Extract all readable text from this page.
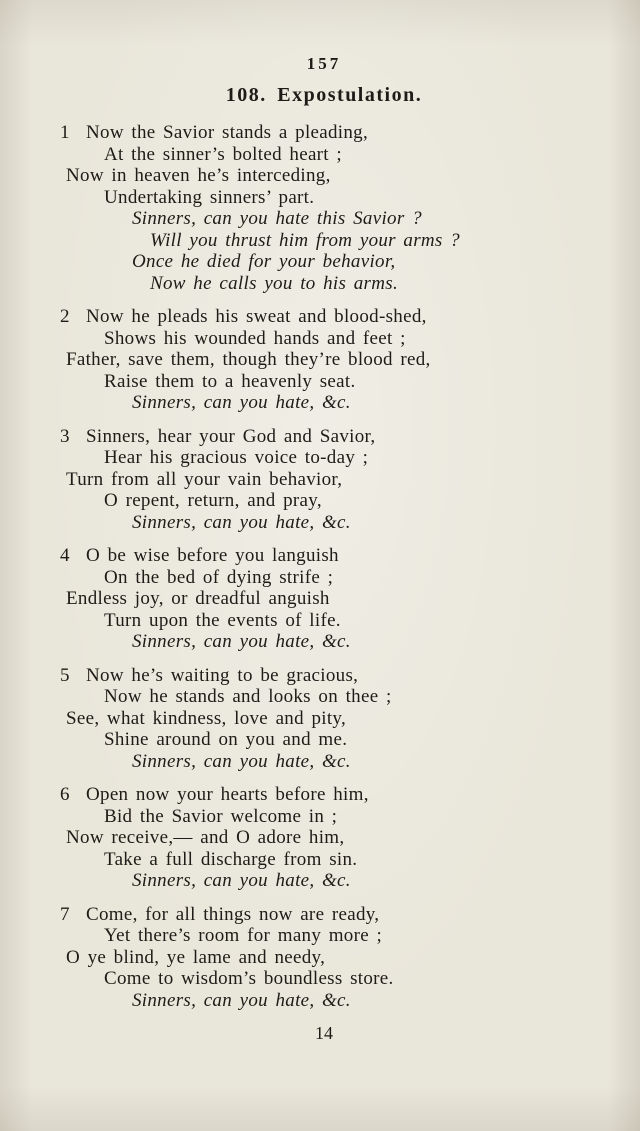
157
108. Expostulation.
1 Now the Savior stands a pleading,
At the sinner’s bolted heart ;
Now in heaven he’s interceding,
Undertaking sinners’ part.
Sinners, can you hate this Savior ?
Will you thrust him from your arms ?
Once he died for your behavior,
Now he calls you to his arms.
2 Now he pleads his sweat and blood-shed,
Shows his wounded hands and feet ;
Father, save them, though they’re blood red,
Raise them to a heavenly seat.
Sinners, can you hate, &c.
3 Sinners, hear your God and Savior,
Hear his gracious voice to-day ;
Turn from all your vain behavior,
O repent, return, and pray,
Sinners, can you hate, &c.
4 O be wise before you languish
On the bed of dying strife ;
Endless joy, or dreadful anguish
Turn upon the events of life.
Sinners, can you hate, &c.
5 Now he’s waiting to be gracious,
Now he stands and looks on thee ;
See, what kindness, love and pity,
Shine around on you and me.
Sinners, can you hate, &c.
6 Open now your hearts before him,
Bid the Savior welcome in ;
Now receive,— and O adore him,
Take a full discharge from sin.
Sinners, can you hate, &c.
7 Come, for all things now are ready,
Yet there’s room for many more ;
O ye blind, ye lame and needy,
Come to wisdom’s boundless store.
Sinners, can you hate, &c.
14
